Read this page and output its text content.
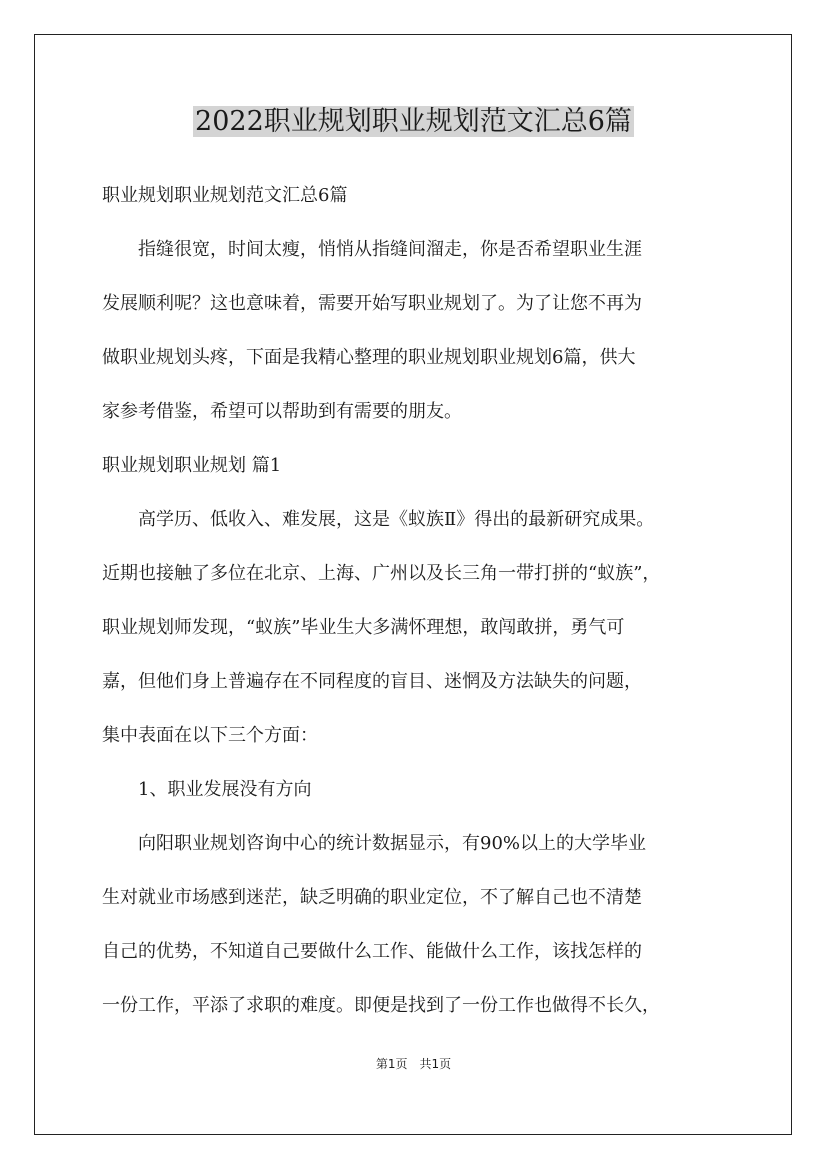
2022职业规划职业规划范文汇总6篇
职业规划职业规划范文汇总6篇
　　指缝很宽，时间太瘦，悄悄从指缝间溜走，你是否希望职业生涯
发展顺利呢？这也意味着，需要开始写职业规划了。为了让您不再为
做职业规划头疼，下面是我精心整理的职业规划职业规划6篇，供大
家参考借鉴，希望可以帮助到有需要的朋友。
职业规划职业规划 篇1
　　高学历、低收入、难发展，这是《蚁族Ⅱ》得出的最新研究成果。
近期也接触了多位在北京、上海、广州以及长三角一带打拼的“蚁族”，
职业规划师发现，“蚁族”毕业生大多满怀理想，敢闯敢拼，勇气可
嘉，但他们身上普遍存在不同程度的盲目、迷惘及方法缺失的问题，
集中表面在以下三个方面：
　　1、职业发展没有方向
　　向阳职业规划咨询中心的统计数据显示，有90%以上的大学毕业
生对就业市场感到迷茫，缺乏明确的职业定位，不了解自己也不清楚
自己的优势，不知道自己要做什么工作、能做什么工作，该找怎样的
一份工作，平添了求职的难度。即便是找到了一份工作也做得不长久，
第1页　共1页
